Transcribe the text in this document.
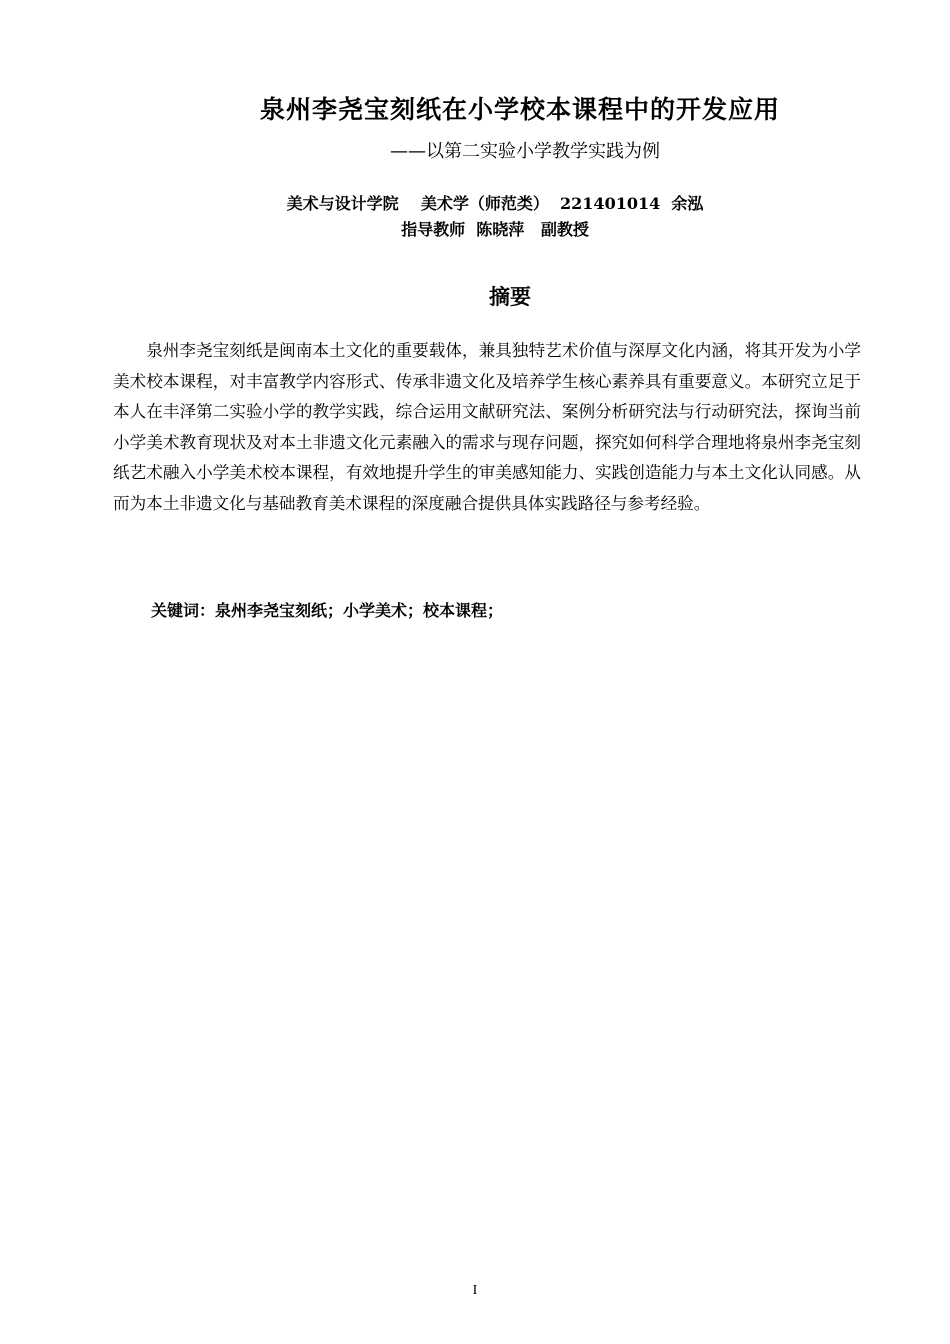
泉州李尧宝刻纸在小学校本课程中的开发应用
——以第二实验小学教学实践为例
美术与设计学院    美术学（师范类）  221401014  余泓
指导教师  陈晓萍   副教授
摘要
泉州李尧宝刻纸是闽南本土文化的重要载体，兼具独特艺术价值与深厚文化内涵，将其开发为小学美术校本课程，对丰富教学内容形式、传承非遗文化及培养学生核心素养具有重要意义。本研究立足于本人在丰泽第二实验小学的教学实践，综合运用文献研究法、案例分析研究法与行动研究法，探询当前小学美术教育现状及对本土非遗文化元素融入的需求与现存问题，探究如何科学合理地将泉州李尧宝刻纸艺术融入小学美术校本课程，有效地提升学生的审美感知能力、实践创造能力与本土文化认同感。从而为本土非遗文化与基础教育美术课程的深度融合提供具体实践路径与参考经验。
关键词：泉州李尧宝刻纸；小学美术；校本课程；
I
